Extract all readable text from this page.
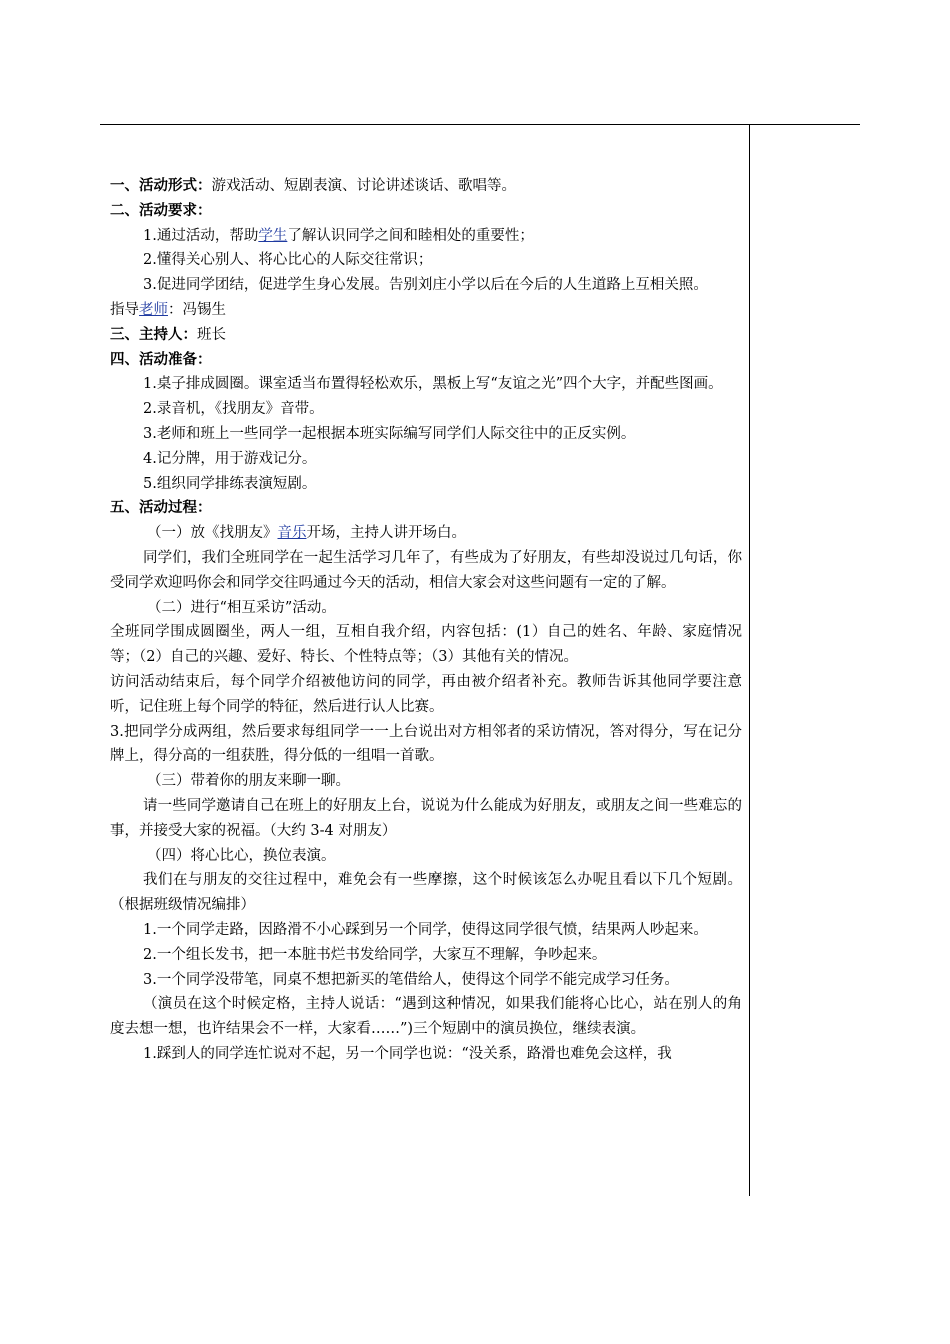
一、活动形式：游戏活动、短剧表演、讨论讲述谈话、歌唱等。

二、活动要求：

1.通过活动，帮助学生了解认识同学之间和睦相处的重要性；

2.懂得关心别人、将心比心的人际交往常识；

3.促进同学团结，促进学生身心发展。告别刘庄小学以后在今后的人生道路上互相关照。

指导老师：冯锡生

三、主持人：班长

四、活动准备：

1.桌子排成圆圈。课室适当布置得轻松欢乐，黑板上写“友谊之光”四个大字，并配些图画。

2.录音机，《找朋友》音带。

3.老师和班上一些同学一起根据本班实际编写同学们人际交往中的正反实例。

4.记分牌，用于游戏记分。

5.组织同学排练表演短剧。

五、活动过程：

（一）放《找朋友》音乐开场，主持人讲开场白。

同学们，我们全班同学在一起生活学习几年了，有些成为了好朋友，有些却没说过几句话，你受同学欢迎吗你会和同学交往吗通过今天的活动，相信大家会对这些问题有一定的了解。

（二）进行“相互采访”活动。

全班同学围成圆圈坐，两人一组，互相自我介绍，内容包括：(1）自己的姓名、年龄、家庭情况等；（2）自己的兴趣、爱好、特长、个性特点等；（3）其他有关的情况。

访问活动结束后，每个同学介绍被他访问的同学，再由被介绍者补充。教师告诉其他同学要注意听，记住班上每个同学的特征，然后进行认人比赛。

3.把同学分成两组，然后要求每组同学一一上台说出对方相邻者的采访情况，答对得分，写在记分牌上，得分高的一组获胜，得分低的一组唱一首歌。

（三）带着你的朋友来聊一聊。

请一些同学邀请自己在班上的好朋友上台，说说为什么能成为好朋友，或朋友之间一些难忘的事，并接受大家的祝福。（大约 3-4 对朋友）

（四）将心比心，换位表演。

我们在与朋友的交往过程中，难免会有一些摩擦，这个时候该怎么办呢且看以下几个短剧。（根据班级情况编排）

1.一个同学走路，因路滑不小心踩到另一个同学，使得这同学很气愤，结果两人吵起来。

2.一个组长发书，把一本脏书烂书发给同学，大家互不理解，争吵起来。

3.一个同学没带笔，同桌不想把新买的笔借给人，使得这个同学不能完成学习任务。

（演员在这个时候定格，主持人说话：“遇到这种情况，如果我们能将心比心，站在别人的角度去想一想，也许结果会不一样，大家看……”)三个短剧中的演员换位，继续表演。

1.踩到人的同学连忙说对不起，另一个同学也说：“没关系，路滑也难免会这样，我
